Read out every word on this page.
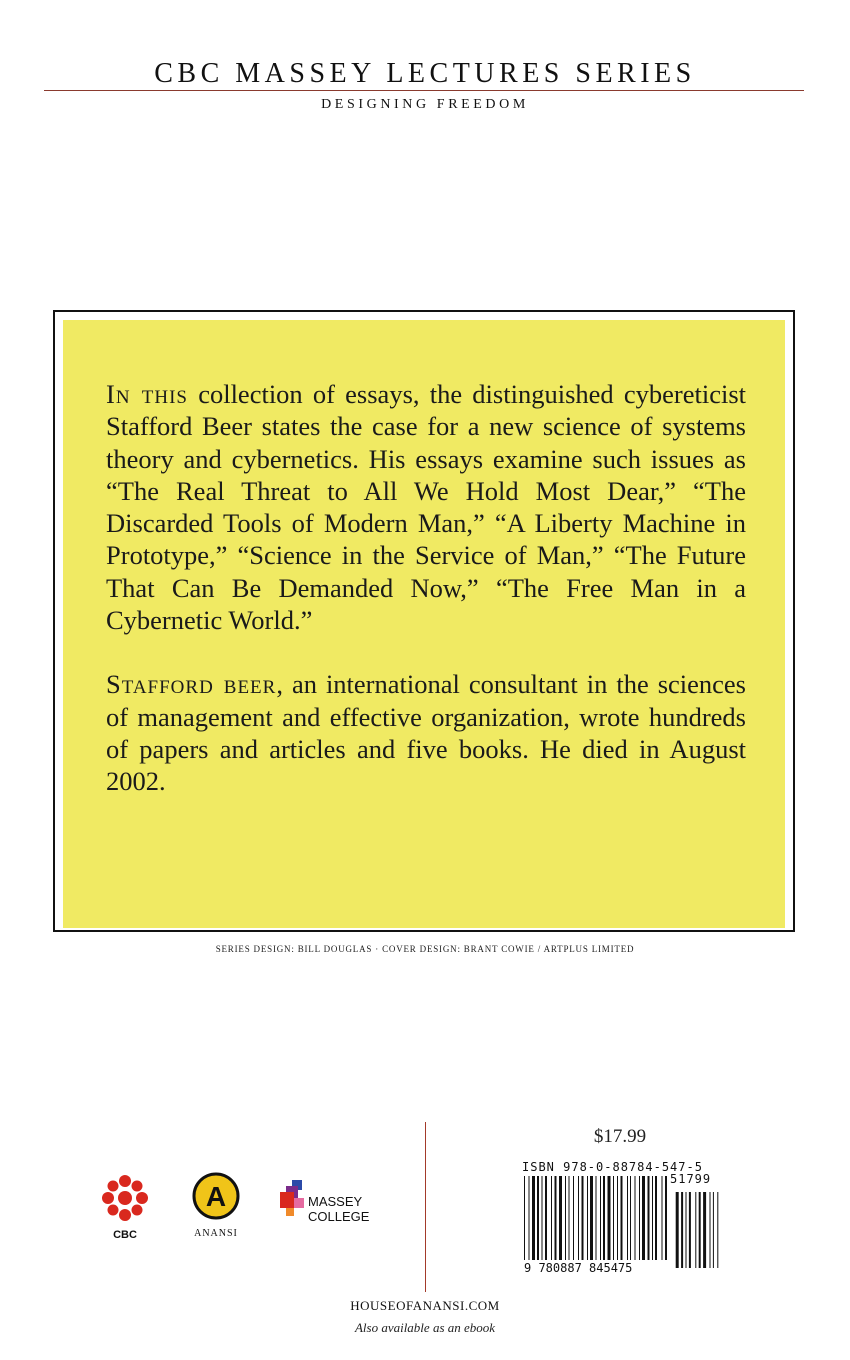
CBC MASSEY LECTURES SERIES
DESIGNING FREEDOM

In this collection of essays, the distinguished cybereticist Stafford Beer states the case for a new science of systems theory and cybernetics. His essays examine such issues as “The Real Threat to All We Hold Most Dear,” “The Discarded Tools of Modern Man,” “A Liberty Machine in Prototype,” “Science in the Service of Man,” “The Future That Can Be Demanded Now,” “The Free Man in a Cybernetic World.”

Stafford beer, an international consultant in the sciences of management and effective organization, wrote hundreds of papers and articles and five books. He died in August 2002.

SERIES DESIGN: BILL DOUGLAS · COVER DESIGN: BRANT COWIE / ARTPLUS LIMITED
CBC
A
ANANSI
MASSEY
COLLEGE
$17.99
ISBN 978-0-88784-547-5
51799
9 780887 845475
HOUSEOFANANSI.COM
Also available as an ebook
